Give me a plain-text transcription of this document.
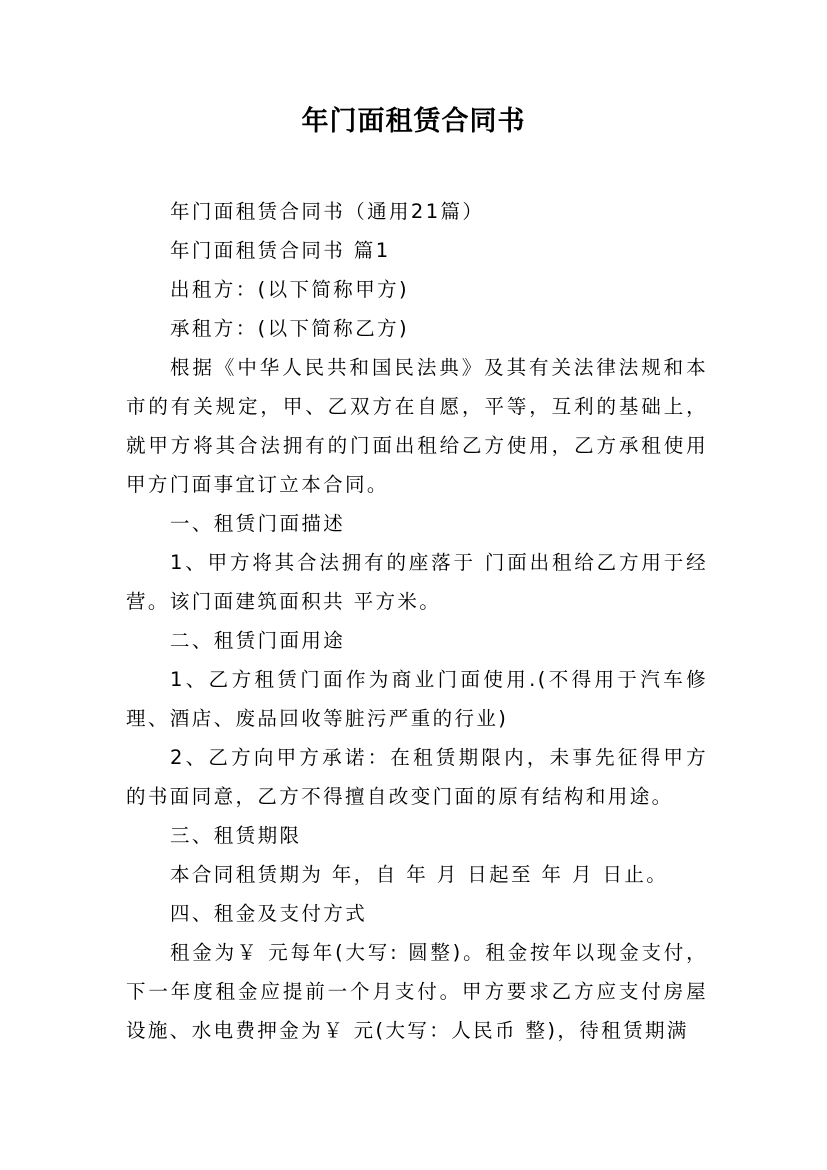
年门面租赁合同书

年门面租赁合同书（通用21篇）

年门面租赁合同书 篇1

出租方：(以下简称甲方)

承租方：(以下简称乙方)

根据《中华人民共和国民法典》及其有关法律法规和本市的有关规定，甲、乙双方在自愿，平等，互利的基础上，就甲方将其合法拥有的门面出租给乙方使用，乙方承租使用甲方门面事宜订立本合同。

一、租赁门面描述

1、甲方将其合法拥有的座落于 门面出租给乙方用于经营。该门面建筑面积共 平方米。

二、租赁门面用途

1、乙方租赁门面作为商业门面使用.(不得用于汽车修理、酒店、废品回收等脏污严重的行业)

2、乙方向甲方承诺：在租赁期限内，未事先征得甲方的书面同意，乙方不得擅自改变门面的原有结构和用途。

三、租赁期限

本合同租赁期为 年，自 年 月 日起至 年 月 日止。

四、租金及支付方式

租金为￥ 元每年(大写: 圆整)。租金按年以现金支付，下一年度租金应提前一个月支付。甲方要求乙方应支付房屋设施、水电费押金为￥ 元(大写：人民币 整)，待租赁期满
